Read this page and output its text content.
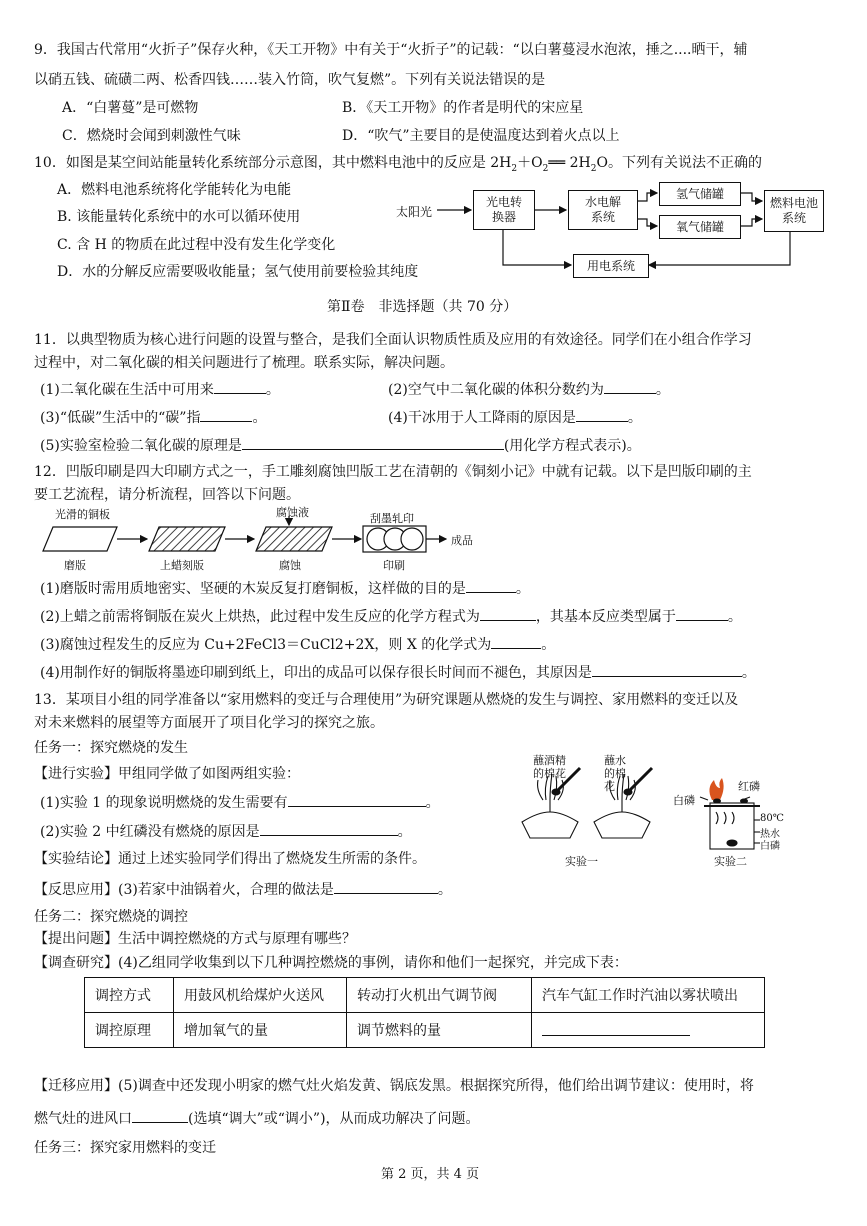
9．我国古代常用“火折子”保存火种，《天工开物》中有关于“火折子”的记载：“以白薯蔓浸水泡浓，捶之....晒干，辅
以硝五钱、硫磺二两、松香四钱……装入竹筒，吹气复燃”。下列有关说法错误的是
A．“白薯蔓”是可燃物	B．《天工开物》的作者是明代的宋应星
C．燃烧时会闻到刺激性气味	D．“吹气”主要目的是使温度达到着火点以上
10．如图是某空间站能量转化系统部分示意图，其中燃料电池中的反应是 $2H_2+O_2══$ $2H_2O$。下列有关说法不正确的
A．燃料电池系统将化学能转化为电能
B. 该能量转化系统中的水可以循环使用
C. 含 H 的物质在此过程中没有发生化学变化
D．水的分解反应需要吸收能量；氢气使用前要检验其纯度
太阳光
光电转换器
水电解系统
氢气储罐
氧气储罐
燃料电池系统
用电系统
第Ⅱ卷　非选择题（共 70 分）
11．以典型物质为核心进行问题的设置与整合，是我们全面认识物质性质及应用的有效途径。同学们在小组合作学习
过程中，对二氧化碳的相关问题进行了梳理。联系实际，解决问题。
(1)二氧化碳在生活中可用来	。	(2)空气中二氧化碳的体积分数约为	。
(3)“低碳”生活中的“碳”指	。	(4)干冰用于人工降雨的原因是	。
(5)实验室检验二氧化碳的原理是	(用化学方程式表示)。
12．凹版印刷是四大印刷方式之一，手工雕刻腐蚀凹版工艺在清朝的《铜刻小记》中就有记载。以下是凹版印刷的主
要工艺流程，请分析流程，回答以下问题。
光滑的铜板
磨版	上蜡刻版
腐蚀液
腐蚀
刮墨轧印
印刷
成品
(1)磨版时需用质地密实、坚硬的木炭反复打磨铜板，这样做的目的是	。
(2)上蜡之前需将铜版在炭火上烘热，此过程中发生反应的化学方程式为	，其基本反应类型属于	。
(3)腐蚀过程发生的反应为 Cu+2FeCl3＝CuCl2+2X，则 X 的化学式为	。
(4)用制作好的铜版将墨迹印刷到纸上，印出的成品可以保存很长时间而不褪色，其原因是	。
13．某项目小组的同学准备以“家用燃料的变迁与合理使用”为研究课题从燃烧的发生与调控、家用燃料的变迁以及
对未来燃料的展望等方面展开了项目化学习的探究之旅。
任务一：探究燃烧的发生
【进行实验】甲组同学做了如图两组实验：
(1)实验 1 的现象说明燃烧的发生需要有	。
(2)实验 2 中红磷没有燃烧的原因是	。
【实验结论】通过上述实验同学们得出了燃烧发生所需的条件。
【反思应用】(3)若家中油锅着火，合理的做法是	。
蘸酒精的棉花
蘸水的棉花
实验一	实验二
红磷
白磷
80℃
热水
白磷
任务二：探究燃烧的调控
【提出问题】生活中调控燃烧的方式与原理有哪些？
【调查研究】(4)乙组同学收集到以下几种调控燃烧的事例，请你和他们一起探究，并完成下表：
调控方式	用鼓风机给煤炉火送风	转动打火机出气调节阀	汽车气缸工作时汽油以雾状喷出
调控原理	增加氧气的量	调节燃料的量	
【迁移应用】(5)调查中还发现小明家的燃气灶火焰发黄、锅底发黑。根据探究所得，他们给出调节建议：使用时，将
燃气灶的进风口	(选填“调大”或“调小”)，从而成功解决了问题。
任务三：探究家用燃料的变迁
第 2 页，共 4 页
